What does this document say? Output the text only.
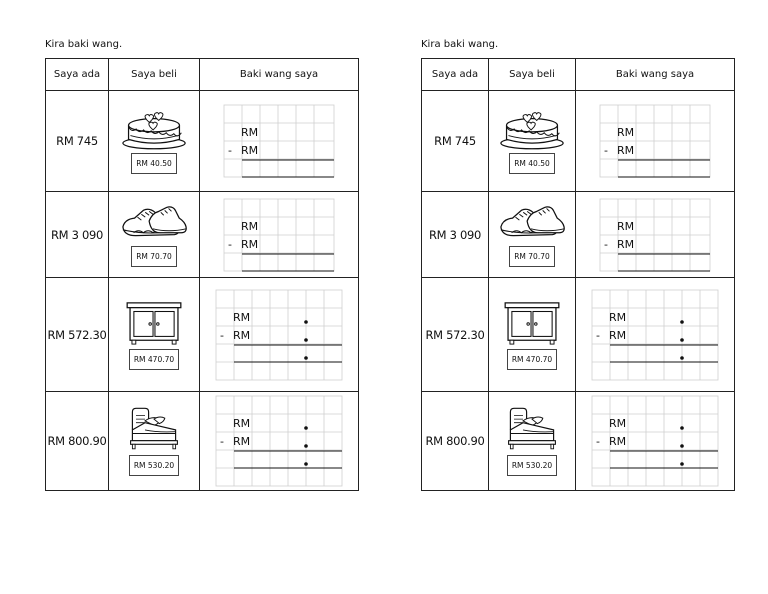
Kira baki wang.
Saya ada	Saya beli	Baki wang saya
RM 745	RM 40.50	RM
- RM

RM 3 090	RM 70.70	RM
- RM

RM 572.30	RM 470.70	RM
- RM

RM 800.90	RM 530.20	RM
- RM
Kira baki wang.
Saya ada	Saya beli	Baki wang saya
RM 745	RM 40.50	RM
- RM

RM 3 090	RM 70.70	RM
- RM

RM 572.30	RM 470.70	RM
- RM

RM 800.90	RM 530.20	RM
- RM
